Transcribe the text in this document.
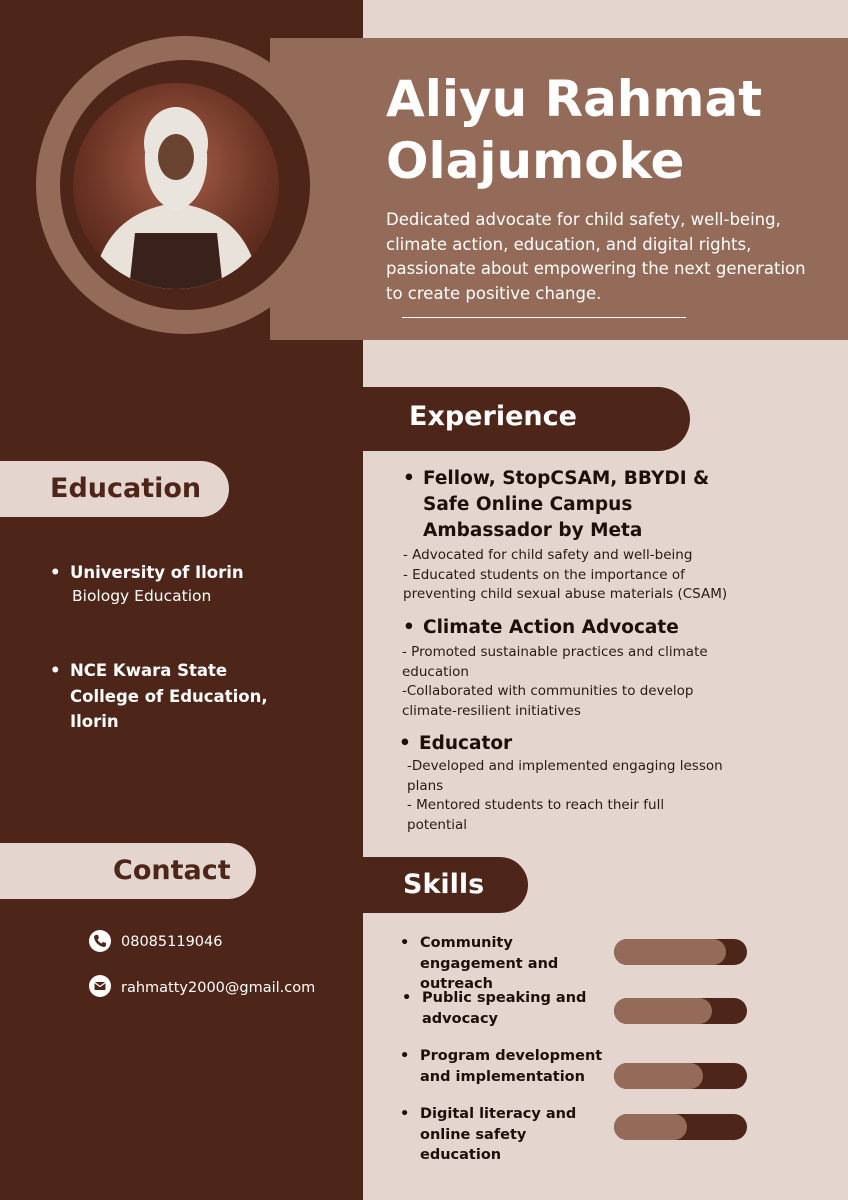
Aliyu Rahmat
Olajumoke
Dedicated advocate for child safety, well-being, climate action, education, and digital rights, passionate about empowering the next generation to create positive change.
Experience
• Fellow, StopCSAM, BBYDI & Safe Online Campus Ambassador by Meta
- Advocated for child safety and well-being
- Educated students on the importance of preventing child sexual abuse materials (CSAM)
• Climate Action Advocate
- Promoted sustainable practices and climate education
-Collaborated with communities to develop climate-resilient initiatives
• Educator
-Developed and implemented engaging lesson plans
- Mentored students to reach their full potential
Education
• University of Ilorin
Biology Education
• NCE Kwara State College of Education, Ilorin
Contact
08085119046
rahmatty2000@gmail.com
Skills
• Community engagement and outreach
• Public speaking and advocacy
• Program development and implementation
• Digital literacy and online safety education
